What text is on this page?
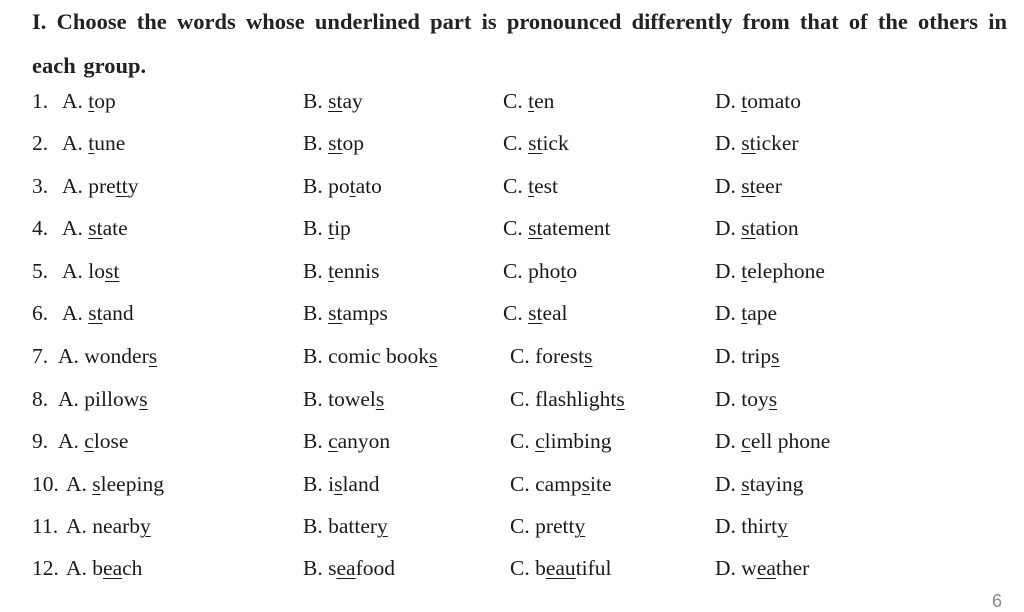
I. Choose the words whose underlined part is pronounced differently from that of the others in each group.
1. A. top	B. stay	C. ten	D. tomato
2. A. tune	B. stop	C. stick	D. sticker
3. A. pretty	B. potato	C. test	D. steer
4. A. state	B. tip	C. statement	D. station
5. A. lost	B. tennis	C. photo	D. telephone
6. A. stand	B. stamps	C. steal	D. tape
7. A. wonders	B. comic books	C. forests	D. trips
8. A. pillows	B. towels	C. flashlights	D. toys
9. A. close	B. canyon	C. climbing	D. cell phone
10. A. sleeping	B. island	C. campsite	D. staying
11. A. nearby	B. battery	C. pretty	D. thirty
12. A. beach	B. seafood	C. beautiful	D. weather
6
